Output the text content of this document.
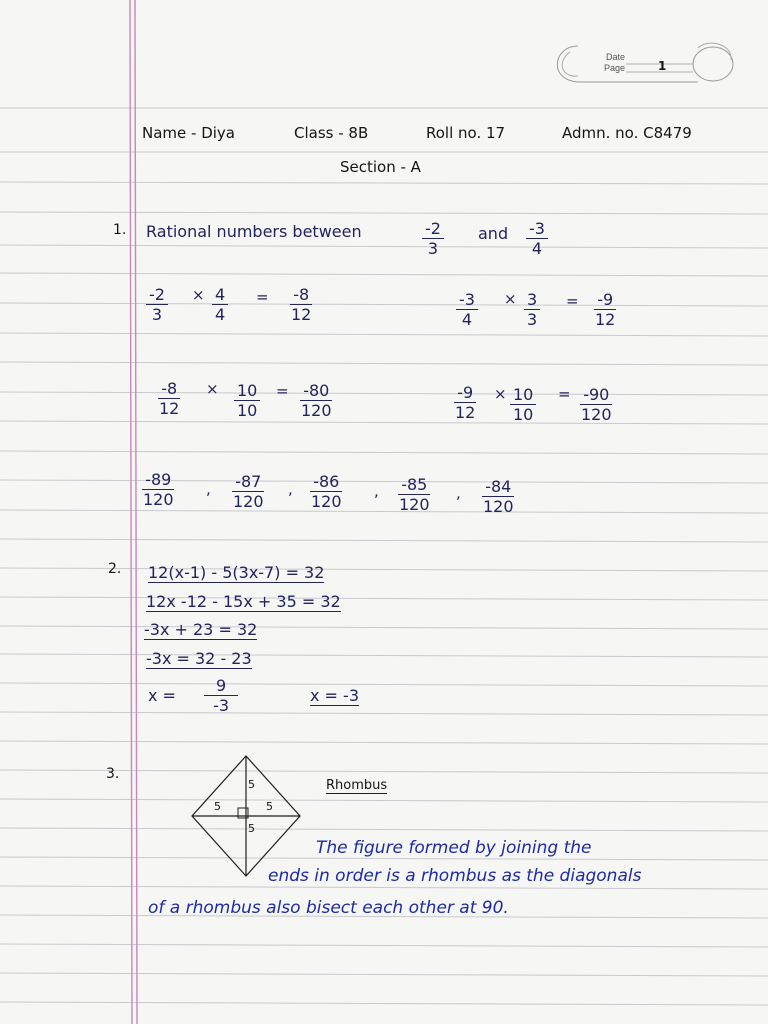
Date
Page	1
Name - Diya	Class - 8B	Roll no. 17	Admn. no. C8479
Section - A
1. Rational numbers between	$\frac{-2}{3}$ and $\frac{-3}{4}$
$\frac{-2}{3} \times \frac{4}{4} = \frac{-8}{12}$	$\frac{-3}{4} \times \frac{3}{3} = \frac{-9}{12}$
$\frac{-8}{12} \times \frac{10}{10} = \frac{-80}{120}$	$\frac{-9}{12} \times \frac{10}{10} = \frac{-90}{120}$
$\frac{-89}{120}$ , $\frac{-87}{120}$ , $\frac{-86}{120}$ , $\frac{-85}{120}$ , $\frac{-84}{120}$
2. 12(x-1) - 5(3x-7) = 32
12x -12 - 15x + 35 = 32
-3x + 23 = 32
-3x = 32 - 23
$x = \frac{9}{-3}$	x = -3
3.
5
5	5
5
Rhombus
The figure formed by joining the
ends in order is a rhombus as the diagonals
of a rhombus also bisect each other at 90.
